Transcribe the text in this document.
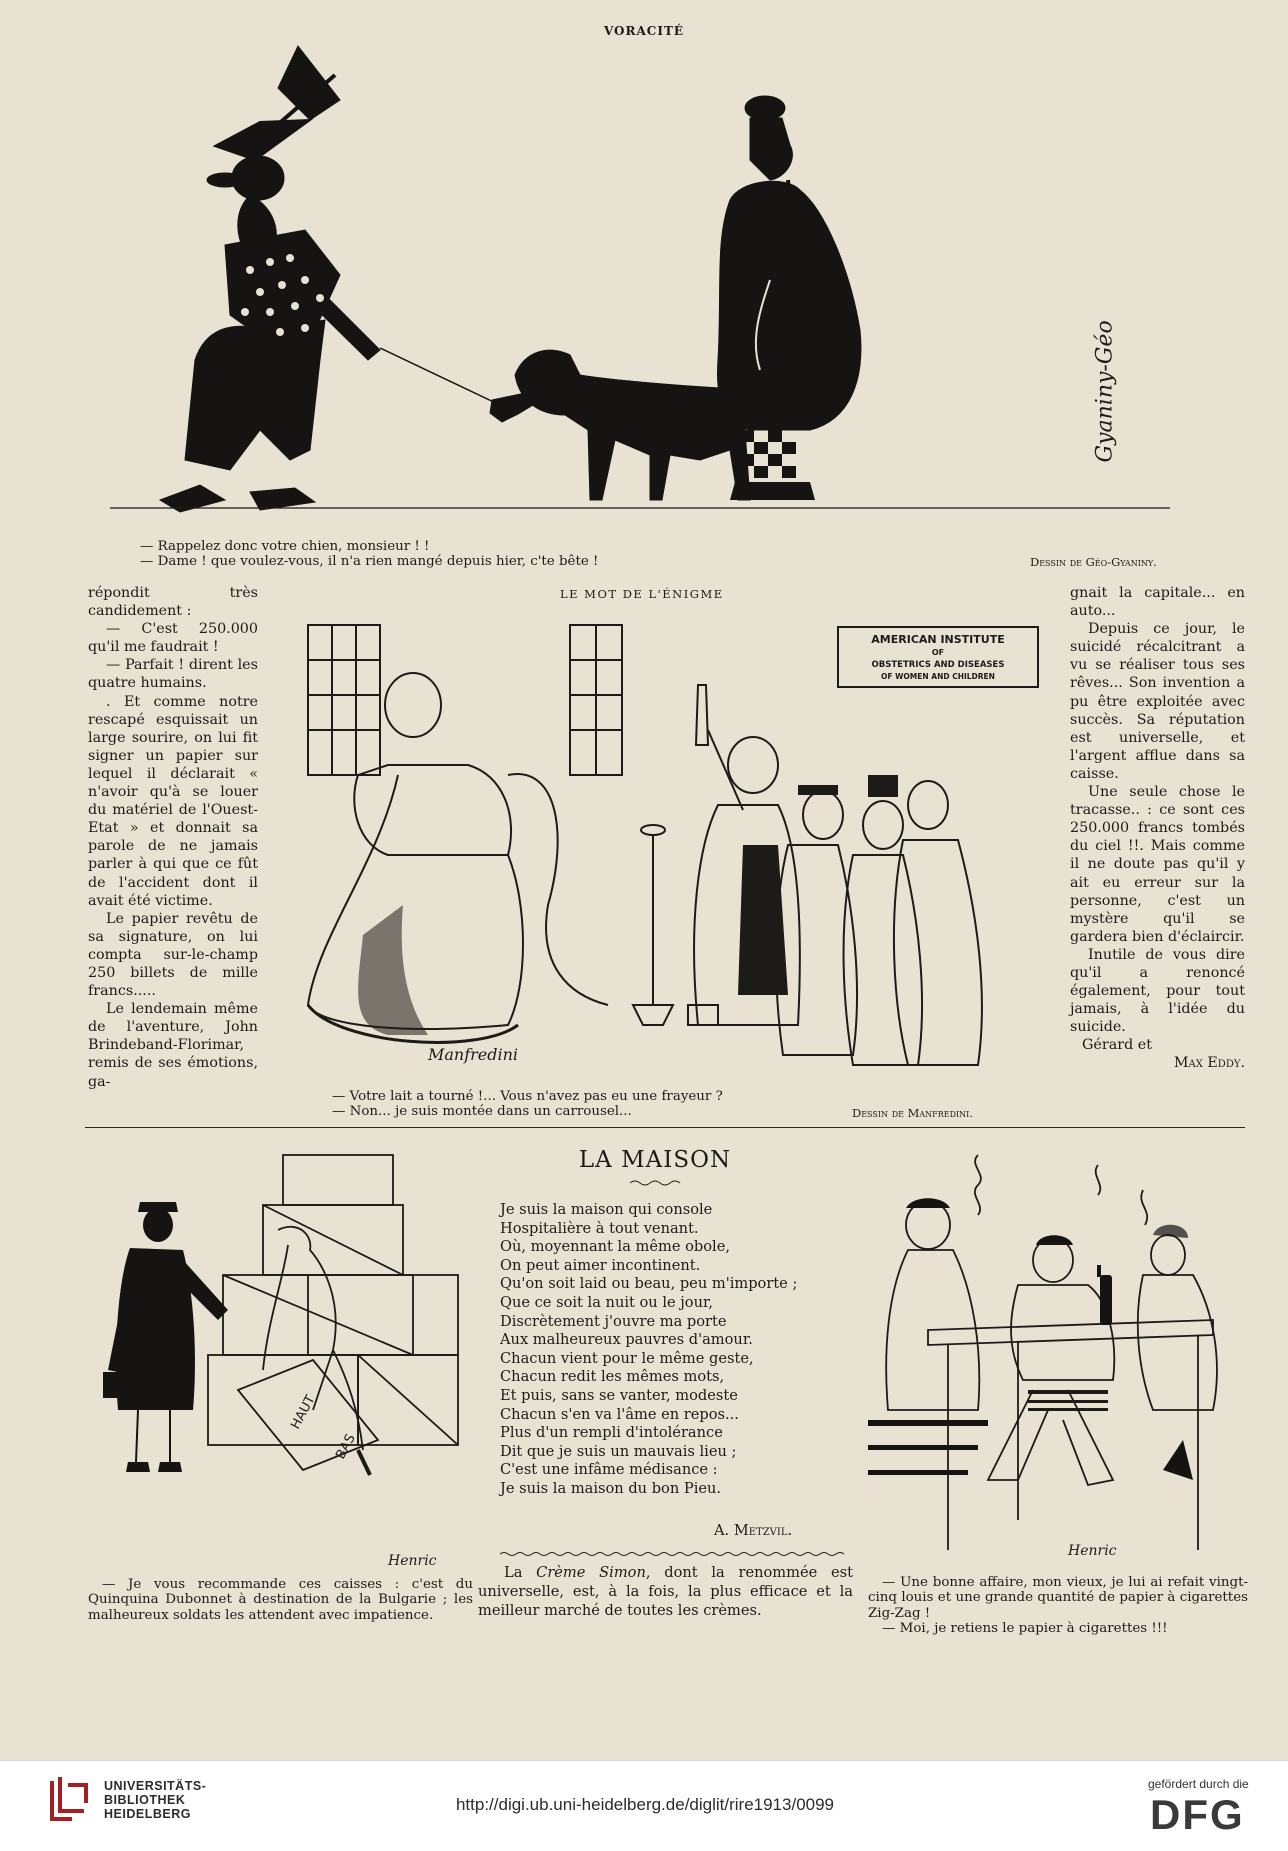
VORACITÉ
Gyaniny-Géo
— Rappelez donc votre chien, monsieur ! !
— Dame ! que voulez-vous, il n'a rien mangé depuis hier, c'te bête !	Dessin de Géo-Gyaniny.

répondit très candidement :

— C'est 250.000 qu'il me faudrait !

— Parfait ! dirent les quatre humains.

. Et comme notre rescapé esquissait un large sourire, on lui fit signer un papier sur lequel il déclarait « n'avoir qu'à se louer du matériel de l'Ouest-Etat » et donnait sa parole de ne jamais parler à qui que ce fût de l'accident dont il avait été victime.

Le papier revêtu de sa signature, on lui compta sur-le-champ 250 billets de mille francs.....

Le lendemain même de l'aventure, John Brindeband-Florimar, remis de ses émotions, ga-

LE MOT DE L'ÉNIGME
AMERICAN INSTITUTE
OF
OBSTETRICS AND DISEASES
OF WOMEN AND CHILDREN
Manfredini
— Votre lait a tourné !... Vous n'avez pas eu une frayeur ?
— Non... je suis montée dans un carrousel...	Dessin de Manfredini.

gnait la capitale... en auto...

Depuis ce jour, le suicidé récalcitrant a vu se réaliser tous ses rêves... Son invention a pu être exploitée avec succès. Sa réputation est universelle, et l'argent afflue dans sa caisse.

Une seule chose le tracasse.. : ce sont ces 250.000 francs tombés du ciel !!. Mais comme il ne doute pas qu'il y ait eu erreur sur la personne, c'est un mystère qu'il se gardera bien d'éclaircir.

Inutile de vous dire qu'il a renoncé également, pour tout jamais, à l'idée du suicide.

Gérard et
Max Eddy.
HAUT
BAS
Henric
— Je vous recommande ces caisses : c'est du Quinquina Dubonnet à destination de la Bulgarie ; les malheureux soldats les attendent avec impatience.
LA MAISON
Je suis la maison qui console
Hospitalière à tout venant.
Où, moyennant la même obole,
On peut aimer incontinent.
Qu'on soit laid ou beau, peu m'importe ;
Que ce soit la nuit ou le jour,
Discrètement j'ouvre ma porte
Aux malheureux pauvres d'amour.
Chacun vient pour le même geste,
Chacun redit les mêmes mots,
Et puis, sans se vanter, modeste
Chacun s'en va l'âme en repos...
Plus d'un rempli d'intolérance
Dit que je suis un mauvais lieu ;
C'est une infâme médisance :
Je suis la maison du bon Pieu.
A. Metzvil.
La Crème Simon, dont la renommée est universelle, est, à la fois, la plus efficace et la meilleur marché de toutes les crèmes.
Henric
— Une bonne affaire, mon vieux, je lui ai refait vingt-cinq louis et une grande quantité de papier à cigarettes Zig-Zag !
— Moi, je retiens le papier à cigarettes !!!
UNIVERSITÄTS-
BIBLIOTHEK
HEIDELBERG	http://digi.ub.uni-heidelberg.de/diglit/rire1913/0099
gefördert durch die
DFG
